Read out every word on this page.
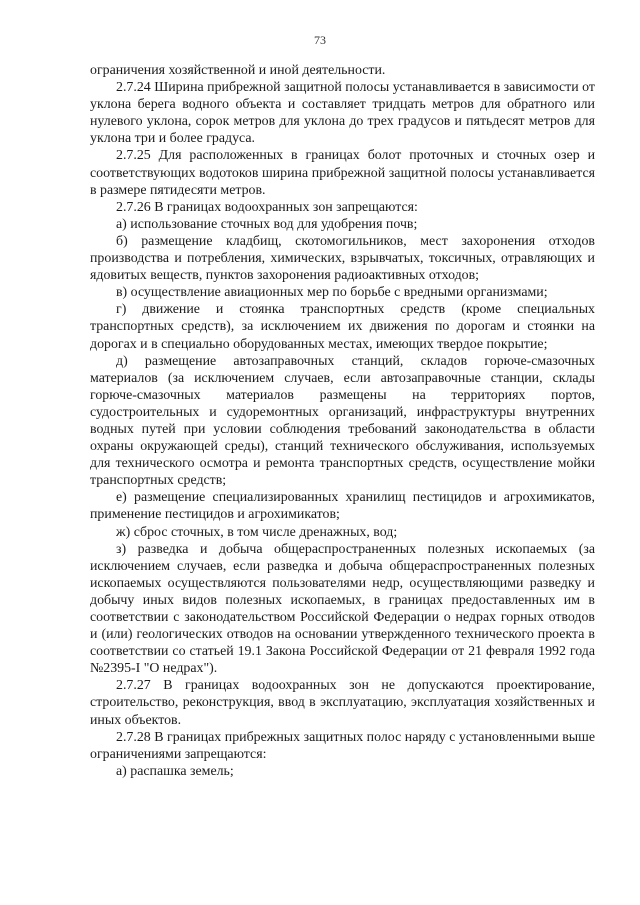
73

ограничения хозяйственной и иной деятельности.

2.7.24 Ширина прибрежной защитной полосы устанавливается в зависимости от уклона берега водного объекта и составляет тридцать метров для обратного или нулевого уклона, сорок метров для уклона до трех градусов и пятьдесят метров для уклона три и более градуса.

2.7.25 Для расположенных в границах болот проточных и сточных озер и соответствующих водотоков ширина прибрежной защитной полосы устанавливается в размере пятидесяти метров.

2.7.26 В границах водоохранных зон запрещаются:

а) использование сточных вод для удобрения почв;

б) размещение кладбищ, скотомогильников, мест захоронения отходов производства и потребления, химических, взрывчатых, токсичных, отравляющих и ядовитых веществ, пунктов захоронения радиоактивных отходов;

в) осуществление авиационных мер по борьбе с вредными организмами;

г) движение и стоянка транспортных средств (кроме специальных транспортных средств), за исключением их движения по дорогам и стоянки на дорогах и в специально оборудованных местах, имеющих твердое покрытие;

д) размещение автозаправочных станций, складов горюче-смазочных материалов (за исключением случаев, если автозаправочные станции, склады горюче-смазочных материалов размещены на территориях портов, судостроительных и судоремонтных организаций, инфраструктуры внутренних водных путей при условии соблюдения требований законодательства в области охраны окружающей среды), станций технического обслуживания, используемых для технического осмотра и ремонта транспортных средств, осуществление мойки транспортных средств;

е) размещение специализированных хранилищ пестицидов и агрохимикатов, применение пестицидов и агрохимикатов;

ж) сброс сточных, в том числе дренажных, вод;

з) разведка и добыча общераспространенных полезных ископаемых (за исключением случаев, если разведка и добыча общераспространенных полезных ископаемых осуществляются пользователями недр, осуществляющими разведку и добычу иных видов полезных ископаемых, в границах предоставленных им в соответствии с законодательством Российской Федерации о недрах горных отводов и (или) геологических отводов на основании утвержденного технического проекта в соответствии со статьей 19.1 Закона Российской Федерации от 21 февраля 1992 года №2395-I "О недрах").

2.7.27 В границах водоохранных зон не допускаются проектирование, строительство, реконструкция, ввод в эксплуатацию, эксплуатация хозяйственных и иных объектов.

2.7.28 В границах прибрежных защитных полос наряду с установленными выше ограничениями запрещаются:

а) распашка земель;
